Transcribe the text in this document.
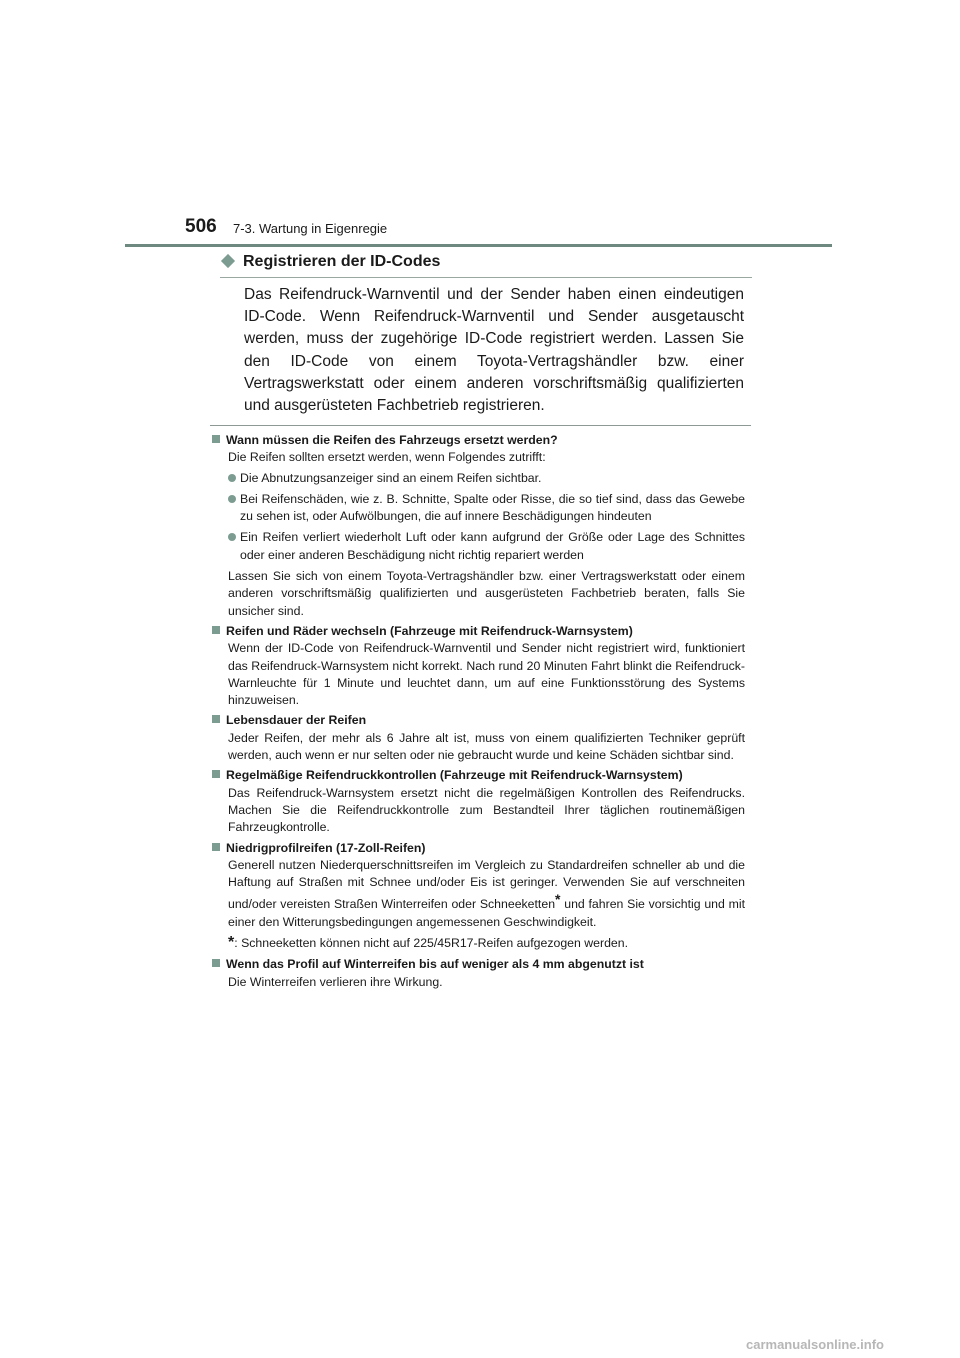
506 7-3. Wartung in Eigenregie
Registrieren der ID-Codes
Das Reifendruck-Warnventil und der Sender haben einen eindeutigen ID-Code. Wenn Reifendruck-Warnventil und Sender ausgetauscht werden, muss der zugehörige ID-Code registriert werden. Lassen Sie den ID-Code von einem Toyota-Vertragshändler bzw. einer Vertragswerkstatt oder einem anderen vorschriftsmäßig qualifizierten und ausgerüsteten Fachbetrieb registrieren.
Wann müssen die Reifen des Fahrzeugs ersetzt werden?

Die Reifen sollten ersetzt werden, wenn Folgendes zutrifft:

Die Abnutzungsanzeiger sind an einem Reifen sichtbar.
Bei Reifenschäden, wie z. B. Schnitte, Spalte oder Risse, die so tief sind, dass das Gewebe zu sehen ist, oder Aufwölbungen, die auf innere Beschädigungen hindeuten
Ein Reifen verliert wiederholt Luft oder kann aufgrund der Größe oder Lage des Schnittes oder einer anderen Beschädigung nicht richtig repariert werden

Lassen Sie sich von einem Toyota-Vertragshändler bzw. einer Vertragswerkstatt oder einem anderen vorschriftsmäßig qualifizierten und ausgerüsteten Fachbetrieb beraten, falls Sie unsicher sind.

Reifen und Räder wechseln (Fahrzeuge mit Reifendruck-Warnsystem)

Wenn der ID-Code von Reifendruck-Warnventil und Sender nicht registriert wird, funktioniert das Reifendruck-Warnsystem nicht korrekt. Nach rund 20 Minuten Fahrt blinkt die Reifendruck-Warnleuchte für 1 Minute und leuchtet dann, um auf eine Funktionsstörung des Systems hinzuweisen.

Lebensdauer der Reifen

Jeder Reifen, der mehr als 6 Jahre alt ist, muss von einem qualifizierten Techniker geprüft werden, auch wenn er nur selten oder nie gebraucht wurde und keine Schäden sichtbar sind.

Regelmäßige Reifendruckkontrollen (Fahrzeuge mit Reifendruck-Warnsystem)

Das Reifendruck-Warnsystem ersetzt nicht die regelmäßigen Kontrollen des Reifendrucks. Machen Sie die Reifendruckkontrolle zum Bestandteil Ihrer täglichen routinemäßigen Fahrzeugkontrolle.

Niedrigprofilreifen (17-Zoll-Reifen)

Generell nutzen Niederquerschnittsreifen im Vergleich zu Standardreifen schneller ab und die Haftung auf Straßen mit Schnee und/oder Eis ist geringer. Verwenden Sie auf verschneiten und/oder vereisten Straßen Winterreifen oder Schneeketten* und fahren Sie vorsichtig und mit einer den Witterungsbedingungen angemessenen Geschwindigkeit.

*: Schneeketten können nicht auf 225/45R17-Reifen aufgezogen werden.
Wenn das Profil auf Winterreifen bis auf weniger als 4 mm abgenutzt ist

Die Winterreifen verlieren ihre Wirkung.

carmanualsonline.info
